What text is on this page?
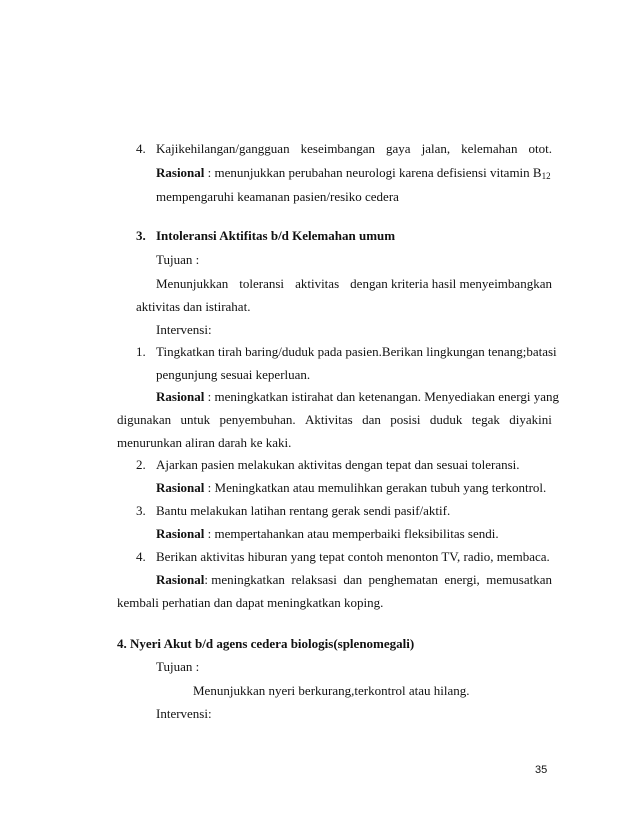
4. Kajikehilangan/gangguan keseimbangan gaya jalan, kelemahan otot.
Rasional : menunjukkan perubahan neurologi karena defisiensi vitamin B12
mempengaruhi keamanan pasien/resiko cedera
3. Intoleransi Aktifitas b/d Kelemahan umum
Tujuan :
Menunjukkan toleransi aktivitas dengan kriteria hasil menyeimbangkan
aktivitas dan istirahat.
Intervensi:
1. Tingkatkan tirah baring/duduk pada pasien. Berikan lingkungan tenang; batasi
pengunjung sesuai keperluan.
Rasional : meningkatkan istirahat dan ketenangan. Menyediakan energi yang
digunakan untuk penyembuhan. Aktivitas dan posisi duduk tegak diyakini
menurunkan aliran darah ke kaki.
2. Ajarkan pasien melakukan aktivitas dengan tepat dan sesuai toleransi.
Rasional : Meningkatkan atau memulihkan gerakan tubuh yang terkontrol.
3. Bantu melakukan latihan rentang gerak sendi pasif/aktif.
Rasional : mempertahankan atau memperbaiki fleksibilitas sendi.
4. Berikan aktivitas hiburan yang tepat contoh menonton TV, radio, membaca.
Rasional: meningkatkan relaksasi dan penghematan energi, memusatkan
kembali perhatian dan dapat meningkatkan koping.
4. Nyeri Akut b/d agens cedera biologis(splenomegali)
Tujuan :
Menunjukkan nyeri berkurang,terkontrol atau hilang.
Intervensi:
35
